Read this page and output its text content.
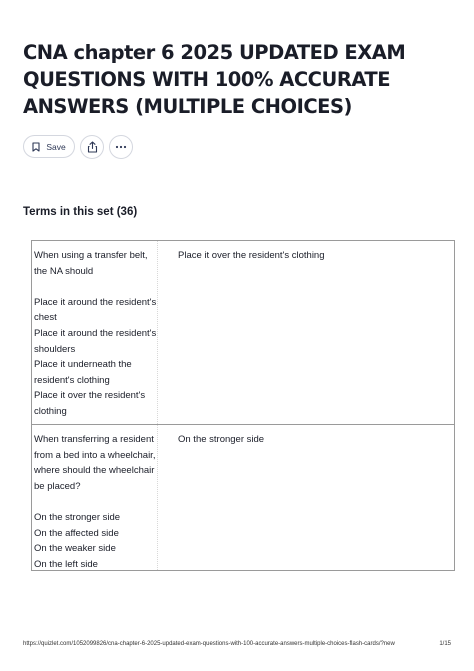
CNA chapter 6 2025 UPDATED EXAM QUESTIONS WITH 100% ACCURATE ANSWERS (MULTIPLE CHOICES)
Save
Terms in this set (36)
When using a transfer belt, the NA should
Place it around the resident's chest
Place it around the resident's shoulders
Place it underneath the resident's clothing
Place it over the resident's clothing
Place it over the resident's clothing
When transferring a resident from a bed into a wheelchair, where should the wheelchair be placed?
On the stronger side
On the affected side
On the weaker side
On the left side
On the stronger side
https://quizlet.com/1052099826/cna-chapter-6-2025-updated-exam-questions-with-100-accurate-answers-multiple-choices-flash-cards/?new	1/15
